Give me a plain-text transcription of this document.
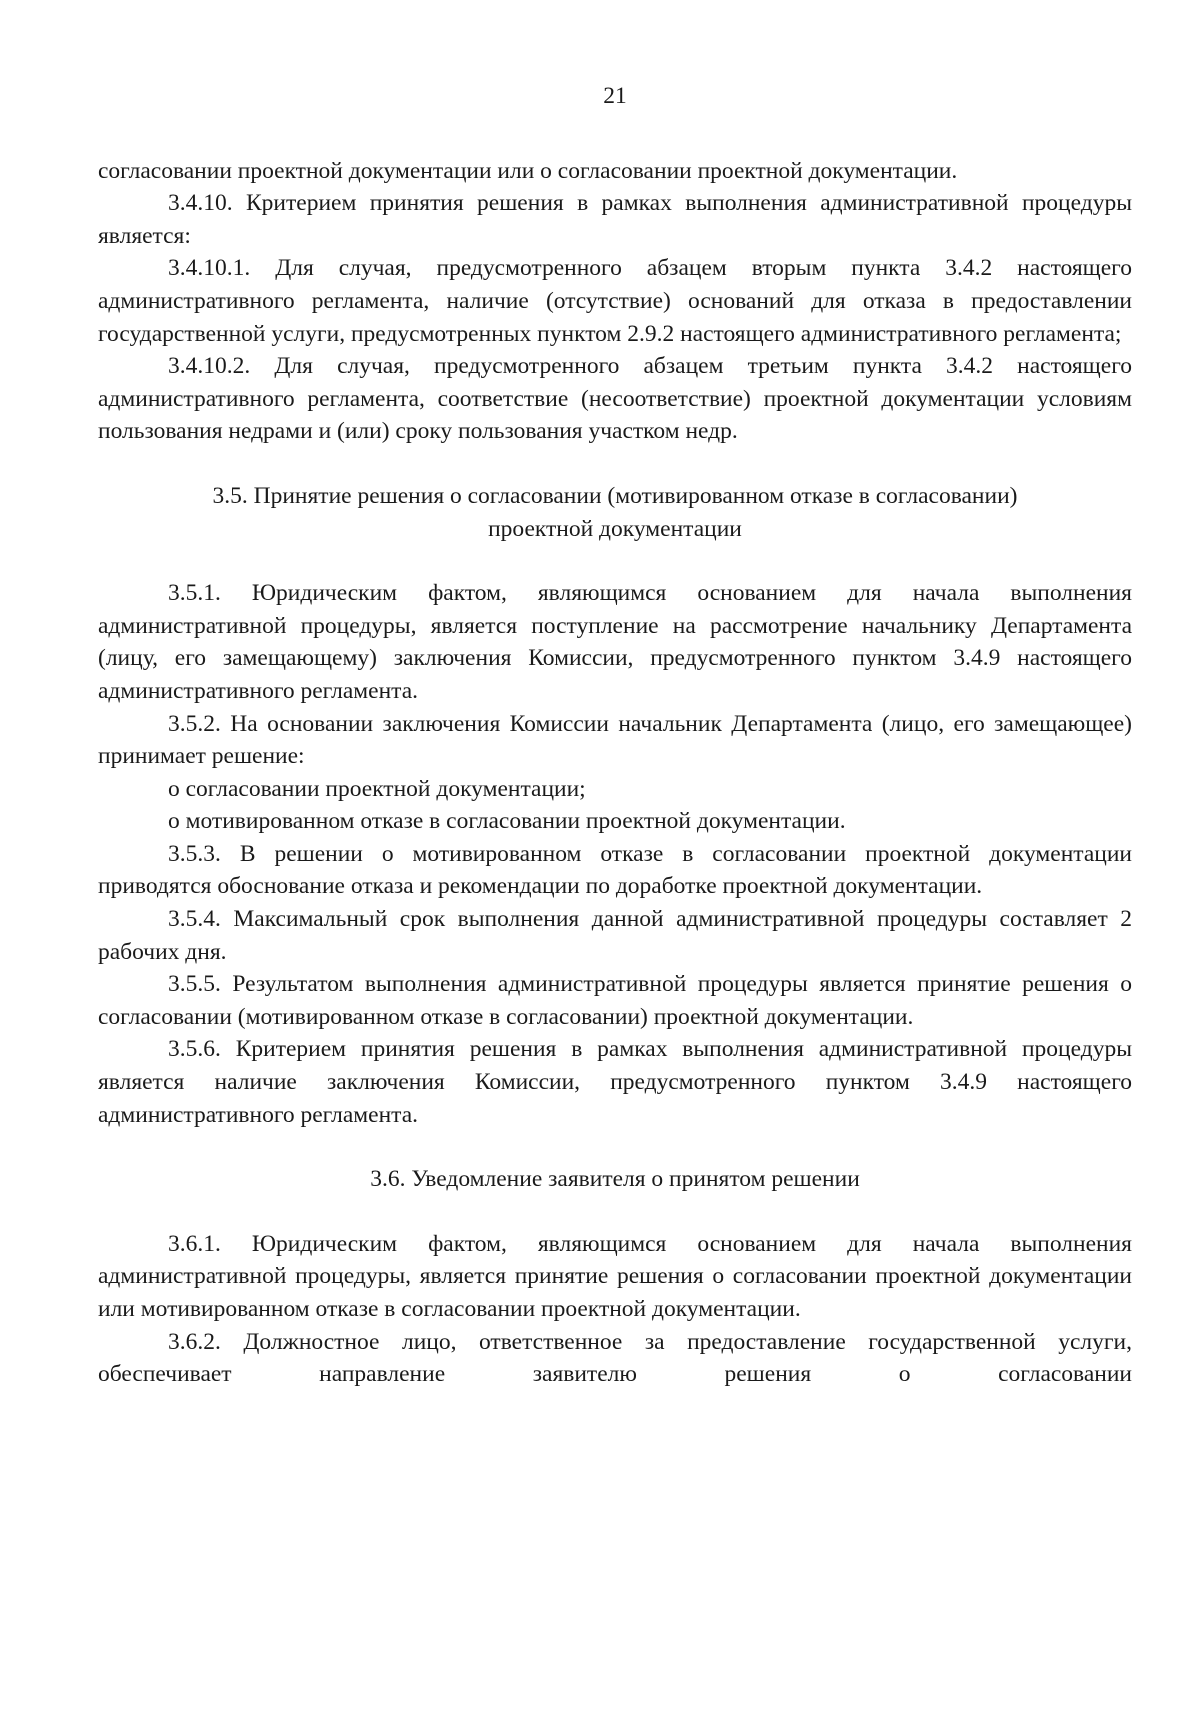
21

согласовании проектной документации или о согласовании проектной документации.

3.4.10. Критерием принятия решения в рамках выполнения административной процедуры является:

3.4.10.1. Для случая, предусмотренного абзацем вторым пункта 3.4.2 настоящего административного регламента, наличие (отсутствие) оснований для отказа в предоставлении государственной услуги, предусмотренных пунктом 2.9.2 настоящего административного регламента;

3.4.10.2. Для случая, предусмотренного абзацем третьим пункта 3.4.2 настоящего административного регламента, соответствие (несоответствие) проектной документации условиям пользования недрами и (или) сроку пользования участком недр.

3.5. Принятие решения о согласовании (мотивированном отказе в согласовании)
проектной документации

3.5.1. Юридическим фактом, являющимся основанием для начала выполнения административной процедуры, является поступление на рассмотрение начальнику Департамента (лицу, его замещающему) заключения Комиссии, предусмотренного пунктом 3.4.9 настоящего административного регламента.

3.5.2. На основании заключения Комиссии начальник Департамента (лицо, его замещающее) принимает решение:

о согласовании проектной документации;

о мотивированном отказе в согласовании проектной документации.

3.5.3. В решении о мотивированном отказе в согласовании проектной документации приводятся обоснование отказа и рекомендации по доработке проектной документации.

3.5.4. Максимальный срок выполнения данной административной процедуры составляет 2 рабочих дня.

3.5.5. Результатом выполнения административной процедуры является принятие решения о согласовании (мотивированном отказе в согласовании) проектной документации.

3.5.6. Критерием принятия решения в рамках выполнения административной процедуры является наличие заключения Комиссии, предусмотренного пунктом 3.4.9 настоящего административного регламента.

3.6. Уведомление заявителя о принятом решении

3.6.1. Юридическим фактом, являющимся основанием для начала выполнения административной процедуры, является принятие решения о согласовании проектной документации или мотивированном отказе в согласовании проектной документации.

3.6.2. Должностное лицо, ответственное за предоставление государственной услуги, обеспечивает направление заявителю решения о согласовании
